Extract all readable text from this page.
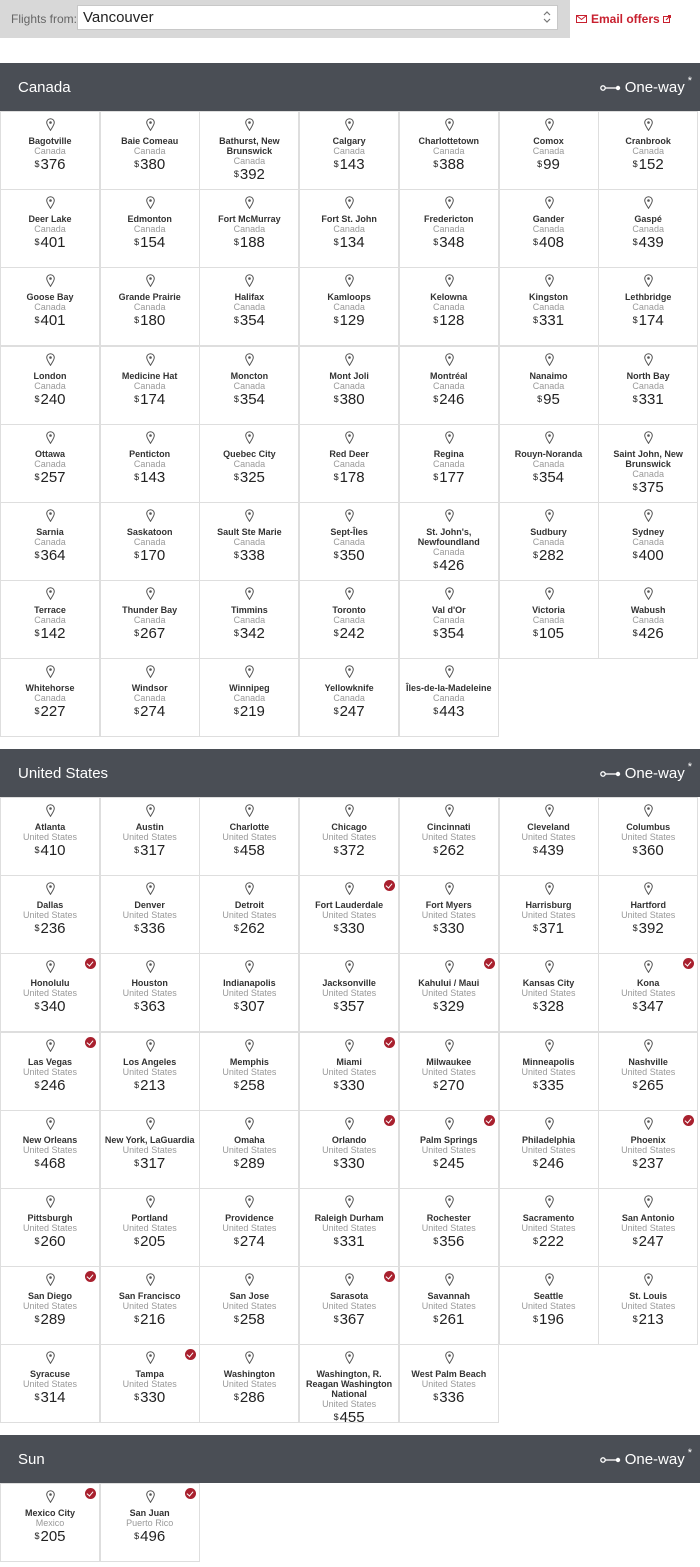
Flights from: Vancouver	Email offers
Canada	One-way *
Bagotville
Canada
$376
Baie Comeau
Canada
$380
Bathurst, New Brunswick
Canada
$392
Calgary
Canada
$143
Charlottetown
Canada
$388
Comox
Canada
$99
Cranbrook
Canada
$152
Deer Lake
Canada
$401
Edmonton
Canada
$154
Fort McMurray
Canada
$188
Fort St. John
Canada
$134
Fredericton
Canada
$348
Gander
Canada
$408
Gaspé
Canada
$439
Goose Bay
Canada
$401
Grande Prairie
Canada
$180
Halifax
Canada
$354
Kamloops
Canada
$129
Kelowna
Canada
$128
Kingston
Canada
$331
Lethbridge
Canada
$174
London
Canada
$240
Medicine Hat
Canada
$174
Moncton
Canada
$354
Mont Joli
Canada
$380
Montréal
Canada
$246
Nanaimo
Canada
$95
North Bay
Canada
$331
Ottawa
Canada
$257
Penticton
Canada
$143
Quebec City
Canada
$325
Red Deer
Canada
$178
Regina
Canada
$177
Rouyn-Noranda
Canada
$354
Saint John, New Brunswick
Canada
$375
Sarnia
Canada
$364
Saskatoon
Canada
$170
Sault Ste Marie
Canada
$338
Sept-Îles
Canada
$350
St. John's, Newfoundland
Canada
$426
Sudbury
Canada
$282
Sydney
Canada
$400
Terrace
Canada
$142
Thunder Bay
Canada
$267
Timmins
Canada
$342
Toronto
Canada
$242
Val d'Or
Canada
$354
Victoria
Canada
$105
Wabush
Canada
$426
Whitehorse
Canada
$227
Windsor
Canada
$274
Winnipeg
Canada
$219
Yellowknife
Canada
$247
Îles-de-la-Madeleine
Canada
$443
United States	One-way *
Atlanta
United States
$410
Austin
United States
$317
Charlotte
United States
$458
Chicago
United States
$372
Cincinnati
United States
$262
Cleveland
United States
$439
Columbus
United States
$360
Dallas
United States
$236
Denver
United States
$336
Detroit
United States
$262
Fort Lauderdale
United States
$330
Fort Myers
United States
$330
Harrisburg
United States
$371
Hartford
United States
$392
Honolulu
United States
$340
Houston
United States
$363
Indianapolis
United States
$307
Jacksonville
United States
$357
Kahului / Maui
United States
$329
Kansas City
United States
$328
Kona
United States
$347
Las Vegas
United States
$246
Los Angeles
United States
$213
Memphis
United States
$258
Miami
United States
$330
Milwaukee
United States
$270
Minneapolis
United States
$335
Nashville
United States
$265
New Orleans
United States
$468
New York, LaGuardia
United States
$317
Omaha
United States
$289
Orlando
United States
$330
Palm Springs
United States
$245
Philadelphia
United States
$246
Phoenix
United States
$237
Pittsburgh
United States
$260
Portland
United States
$205
Providence
United States
$274
Raleigh Durham
United States
$331
Rochester
United States
$356
Sacramento
United States
$222
San Antonio
United States
$247
San Diego
United States
$289
San Francisco
United States
$216
San Jose
United States
$258
Sarasota
United States
$367
Savannah
United States
$261
Seattle
United States
$196
St. Louis
United States
$213
Syracuse
United States
$314
Tampa
United States
$330
Washington
United States
$286
Washington, R. Reagan Washington National
United States
$455
West Palm Beach
United States
$336
Sun	One-way *
Mexico City
Mexico
$205
San Juan
Puerto Rico
$496
